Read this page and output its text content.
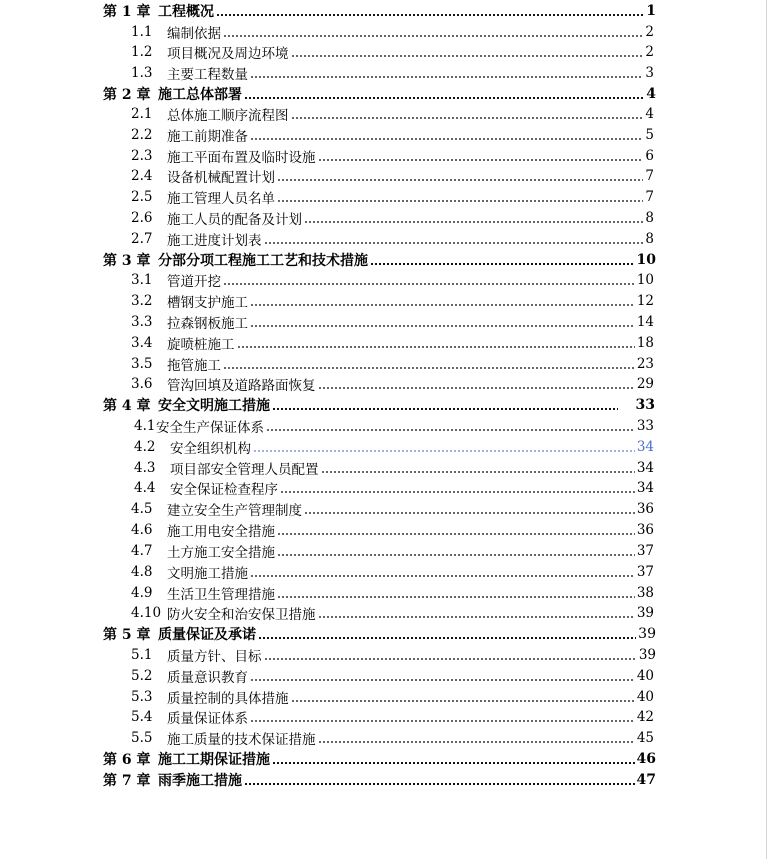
第 1 章 工程概况	1
1.1	编制依据	2
1.2	项目概况及周边环境	2
1.3	主要工程数量	3
第 2 章 施工总体部署	4
2.1	总体施工顺序流程图	4
2.2	施工前期准备	5
2.3	施工平面布置及临时设施	6
2.4	设备机械配置计划	7
2.5	施工管理人员名单	7
2.6	施工人员的配备及计划	8
2.7	施工进度计划表	8
第 3 章 分部分项工程施工工艺和技术措施	10
3.1	管道开挖	10
3.2	槽钢支护施工	12
3.3	拉森钢板施工	14
3.4	旋喷桩施工	18
3.5	拖管施工	23
3.6	管沟回填及道路路面恢复	29
第 4 章 安全文明施工措施	33
4.1 安全生产保证体系	33
4.2	安全组织机构	34
4.3	项目部安全管理人员配置	34
4.4	安全保证检查程序	34
4.5	建立安全生产管理制度	36
4.6	施工用电安全措施	36
4.7	土方施工安全措施	37
4.8	文明施工措施	37
4.9	生活卫生管理措施	38
4.10 防火安全和治安保卫措施	39
第 5 章 质量保证及承诺	39
5.1	质量方针、目标	39
5.2	质量意识教育	40
5.3	质量控制的具体措施	40
5.4	质量保证体系	42
5.5	施工质量的技术保证措施	45
第 6 章 施工工期保证措施	46
第 7 章 雨季施工措施	47
